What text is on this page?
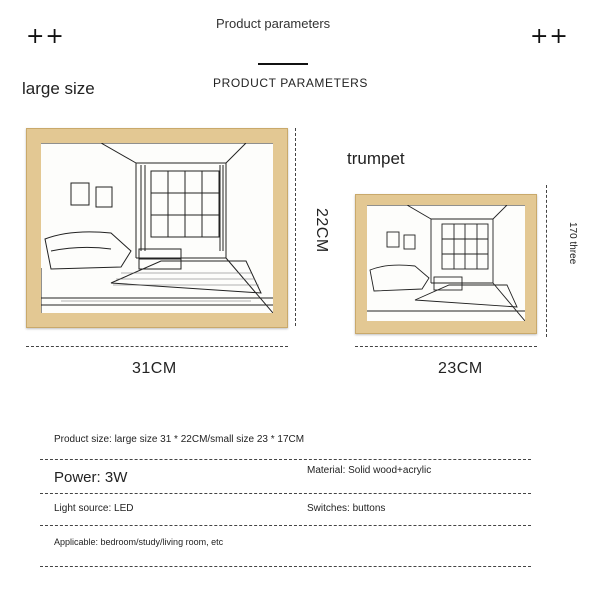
++	++
Product parameters
PRODUCT PARAMETERS
large size
22CM
31CM
trumpet
170 three
23CM
Product size: large size 31 * 22CM/small size 23 * 17CM
Power: 3W	Material: Solid wood+acrylic
Light source: LED	Switches: buttons
Applicable: bedroom/study/living room, etc
